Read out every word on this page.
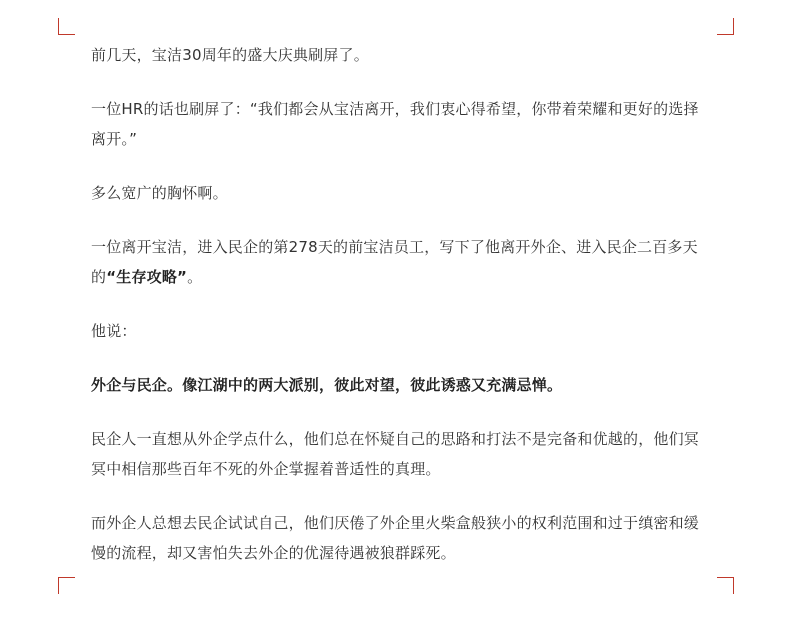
前几天，宝洁30周年的盛大庆典刷屏了。

一位HR的话也刷屏了：“我们都会从宝洁离开，我们衷心得希望，你带着荣耀和更好的选择离开。”

多么宽广的胸怀啊。

一位离开宝洁，进入民企的第278天的前宝洁员工，写下了他离开外企、进入民企二百多天的“生存攻略”。

他说：

外企与民企。像江湖中的两大派别，彼此对望，彼此诱惑又充满忌惮。

民企人一直想从外企学点什么，他们总在怀疑自己的思路和打法不是完备和优越的，他们冥冥中相信那些百年不死的外企掌握着普适性的真理。

而外企人总想去民企试试自己，他们厌倦了外企里火柴盒般狭小的权利范围和过于缜密和缓慢的流程，却又害怕失去外企的优渥待遇被狼群踩死。
